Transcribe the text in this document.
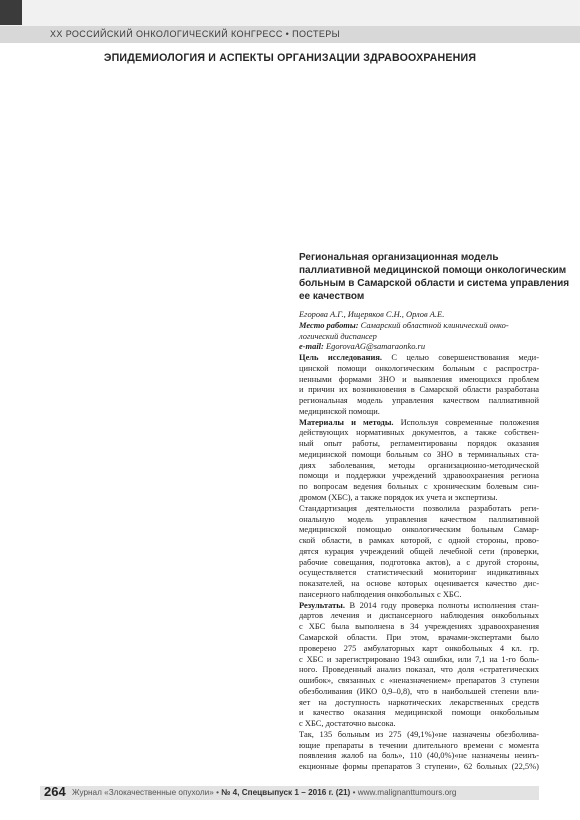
XX РОССИЙСКИЙ ОНКОЛОГИЧЕСКИЙ КОНГРЕСС • ПОСТЕРЫ
ЭПИДЕМИОЛОГИЯ И АСПЕКТЫ ОРГАНИЗАЦИИ ЗДРАВООХРАНЕНИЯ
Региональная организационная модель
паллиативной медицинской помощи онкологическим
больным в Самарской области и система управления
ее качеством
Егорова А.Г., Ищеряков С.Н., Орлов А.Е.
Место работы: Самарский областной клинический онко-
логический диспансер
e-mail: EgorovaAG@samaraonko.ru
Цель исследования. С целью совершенствования меди-
цинской помощи онкологическим больным с распростра-
ненными формами ЗНО и выявления имеющихся проблем
и причин их возникновения в Самарской области разработана
региональная модель управления качеством паллиативной
медицинской помощи.
Материалы и методы. Используя современные положения
действующих нормативных документов, а также собствен-
ный опыт работы, регламентированы порядок оказания
медицинской помощи больным со ЗНО в терминальных ста-
диях заболевания, методы организационно-методической
помощи и поддержки учреждений здравоохранения региона
по вопросам ведения больных с хроническим болевым син-
дромом (ХБС), а также порядок их учета и экспертизы.
Стандартизация деятельности позволила разработать реги-
ональную модель управления качеством паллиативной
медицинской помощью онкологическим больным Самар-
ской области, в рамках которой, с одной стороны, прово-
дятся курация учреждений общей лечебной сети (проверки,
рабочие совещания, подготовка актов), а с другой стороны,
осуществляется статистический мониторинг индикативных
показателей, на основе которых оценивается качество дис-
пансерного наблюдения онкобольных с ХБС.
Результаты. В 2014 году проверка полноты исполнения стан-
дартов лечения и диспансерного наблюдения онкобольных
с ХБС была выполнена в 34 учреждениях здравоохранения
Самарской области. При этом, врачами-экспертами было
проверено 275 амбулаторных карт онкобольных 4 кл. гр.
с ХБС и зарегистрировано 1943 ошибки, или 7,1 на 1-го боль-
ного. Проведенный анализ показал, что доля «стратегических
ошибок», связанных с «неназначением» препаратов 3 ступени
обезболивания (ИКО 0,9–0,8), что в наибольшей степени вли-
яет на доступность наркотических лекарственных средств
и качество оказания медицинской помощи онкобольным
с ХБС, достаточно высока.
Так, 135 больным из 275 (49,1%)«не назначены обезболива-
ющие препараты в течении длительного времени с момента
появления жалоб на боль», 110 (40,0%)«не назначены неинъ-
екционные формы препаратов 3 ступени», 62 больных (22,5%)
264 Журнал «Злокачественные опухоли» • № 4, Спецвыпуск 1 – 2016 г. (21) • www.malignanttumours.org
